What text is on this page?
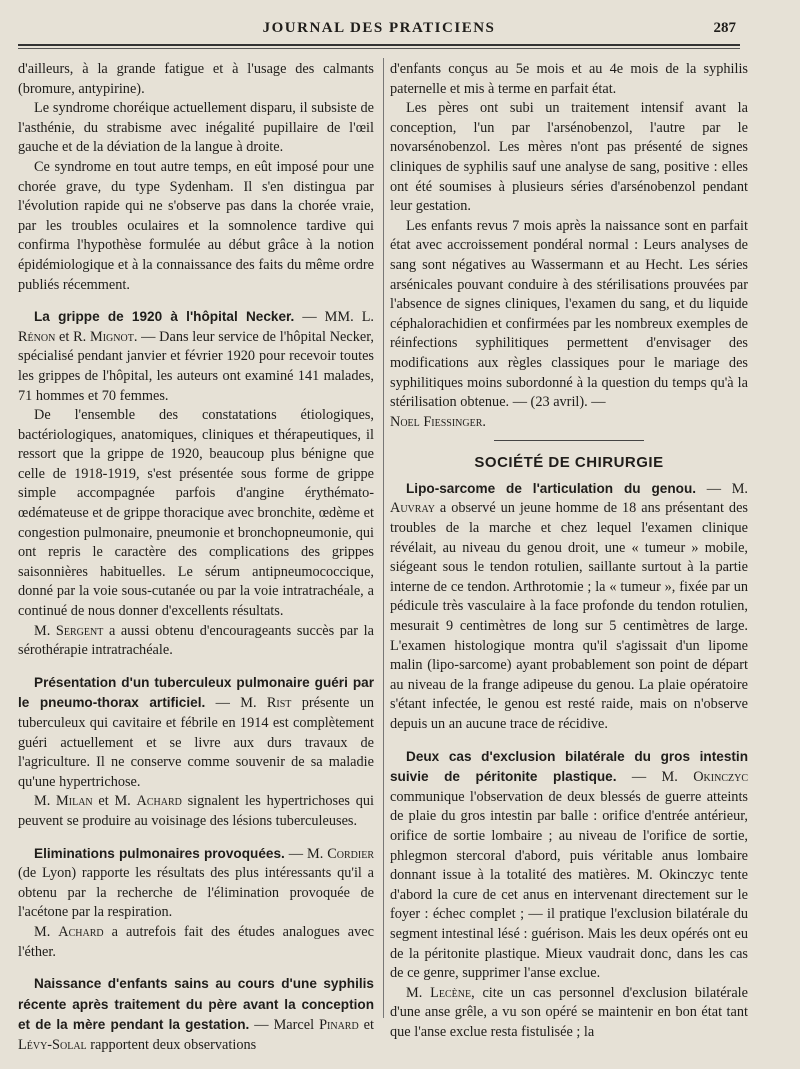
JOURNAL DES PRATICIENS	287

d'ailleurs, à la grande fatigue et à l'usage des calmants (bromure, antypirine).

Le syndrome choréique actuellement disparu, il subsiste de l'asthénie, du strabisme avec inégalité pupillaire de l'œil gauche et de la déviation de la langue à droite.

Ce syndrome en tout autre temps, en eût imposé pour une chorée grave, du type Sydenham. Il s'en distingua par l'évolution rapide qui ne s'observe pas dans la chorée vraie, par les troubles oculaires et la somnolence tardive qui confirma l'hypothèse formulée au début grâce à la notion épidémiologique et à la connaissance des faits du même ordre publiés récemment.

La grippe de 1920 à l'hôpital Necker. — MM. L. Rénon et R. Mignot. — Dans leur service de l'hôpital Necker, spécialisé pendant janvier et février 1920 pour recevoir toutes les grippes de l'hôpital, les auteurs ont examiné 141 malades, 71 hommes et 70 femmes.

De l'ensemble des constatations étiologiques, bactériologiques, anatomiques, cliniques et thérapeutiques, il ressort que la grippe de 1920, beaucoup plus bénigne que celle de 1918-1919, s'est présentée sous forme de grippe simple accompagnée parfois d'angine érythémato-œdémateuse et de grippe thoracique avec bronchite, œdème et congestion pulmonaire, pneumonie et bronchopneumonie, qui ont repris le caractère des complications des grippes saisonnières habituelles. Le sérum antipneumococcique, donné par la voie sous-cutanée ou par la voie intratrachéale, a continué de nous donner d'excellents résultats.

M. Sergent a aussi obtenu d'encourageants succès par la sérothérapie intratrachéale.

Présentation d'un tuberculeux pulmonaire guéri par le pneumo-thorax artificiel. — M. Rist présente un tuberculeux qui cavitaire et fébrile en 1914 est complètement guéri actuellement et se livre aux durs travaux de l'agriculture. Il ne conserve comme souvenir de sa maladie qu'une hypertrichose.

M. Milan et M. Achard signalent les hypertrichoses qui peuvent se produire au voisinage des lésions tuberculeuses.

Eliminations pulmonaires provoquées. — M. Cordier (de Lyon) rapporte les résultats des plus intéressants qu'il a obtenu par la recherche de l'élimination provoquée de l'acétone par la respiration.

M. Achard a autrefois fait des études analogues avec l'éther.

Naissance d'enfants sains au cours d'une syphilis récente après traitement du père avant la conception et de la mère pendant la gestation. — Marcel Pinard et Lévy-Solal rapportent deux observations

d'enfants conçus au 5e mois et au 4e mois de la syphilis paternelle et mis à terme en parfait état.

Les pères ont subi un traitement intensif avant la conception, l'un par l'arsénobenzol, l'autre par le novarsénobenzol. Les mères n'ont pas présenté de signes cliniques de syphilis sauf une analyse de sang, positive : elles ont été soumises à plusieurs séries d'arsénobenzol pendant leur gestation.

Les enfants revus 7 mois après la naissance sont en parfait état avec accroissement pondéral normal : Leurs analyses de sang sont négatives au Wassermann et au Hecht. Les séries arsénicales pouvant conduire à des stérilisations prouvées par l'absence de signes cliniques, l'examen du sang, et du liquide céphalorachidien et confirmées par les nombreux exemples de réinfections syphilitiques permettent d'envisager des modifications aux règles classiques pour le mariage des syphilitiques moins subordonné à la question du temps qu'à la stérilisation obtenue. — (23 avril). —

Noel Fiessinger.

SOCIÉTÉ DE CHIRURGIE

Lipo-sarcome de l'articulation du genou. — M. Auvray a observé un jeune homme de 18 ans présentant des troubles de la marche et chez lequel l'examen clinique révélait, au niveau du genou droit, une « tumeur » mobile, siégeant sous le tendon rotulien, saillante surtout à la partie interne de ce tendon. Arthrotomie ; la « tumeur », fixée par un pédicule très vasculaire à la face profonde du tendon rotulien, mesurait 9 centimètres de long sur 5 centimètres de large. L'examen histologique montra qu'il s'agissait d'un lipome malin (lipo-sarcome) ayant probablement son point de départ au niveau de la frange adipeuse du genou. La plaie opératoire s'étant infectée, le genou est resté raide, mais on n'observe depuis un an aucune trace de récidive.

Deux cas d'exclusion bilatérale du gros intestin suivie de péritonite plastique. — M. Okinczyc communique l'observation de deux blessés de guerre atteints de plaie du gros intestin par balle : orifice d'entrée antérieur, orifice de sortie lombaire ; au niveau de l'orifice de sortie, phlegmon stercoral d'abord, puis véritable anus lombaire donnant issue à la totalité des matières. M. Okinczyc tente d'abord la cure de cet anus en intervenant directement sur le foyer : échec complet ; — il pratique l'exclusion bilatérale du segment intestinal lésé : guérison. Mais les deux opérés ont eu de la péritonite plastique. Mieux vaudrait donc, dans les cas de ce genre, supprimer l'anse exclue.

M. Lecène, cite un cas personnel d'exclusion bilatérale d'une anse grêle, a vu son opéré se maintenir en bon état tant que l'anse exclue resta fistulisée ; la
